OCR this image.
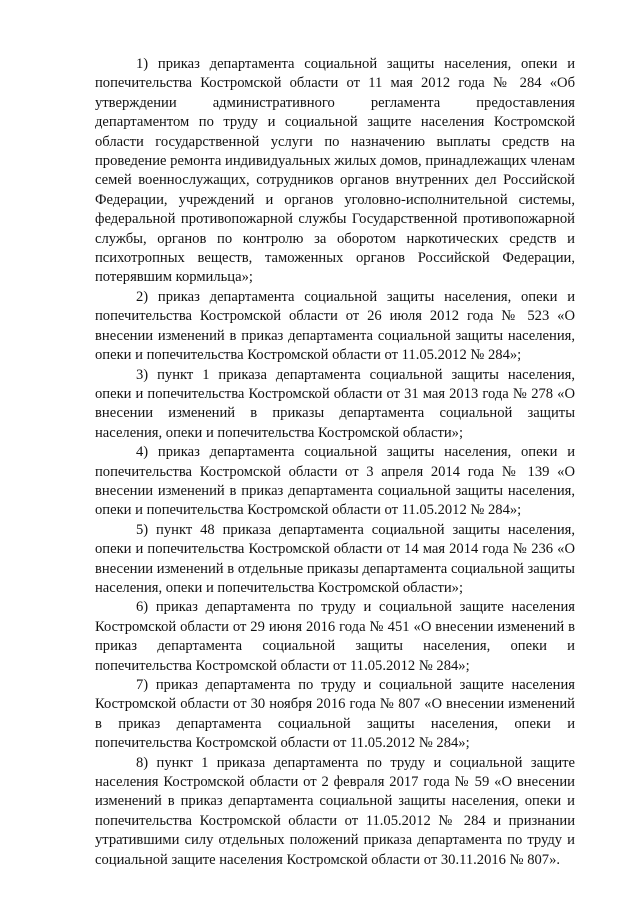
1) приказ департамента социальной защиты населения, опеки и попечительства Костромской области от 11 мая 2012 года № 284 «Об утверждении административного регламента предоставления департаментом по труду и социальной защите населения Костромской области государственной услуги по назначению выплаты средств на проведение ремонта индивидуальных жилых домов, принадлежащих членам семей военнослужащих, сотрудников органов внутренних дел Российской Федерации, учреждений и органов уголовно-исполнительной системы, федеральной противопожарной службы Государственной противопожарной службы, органов по контролю за оборотом наркотических средств и психотропных веществ, таможенных органов Российской Федерации, потерявшим кормильца»;

2) приказ департамента социальной защиты населения, опеки и попечительства Костромской области от 26 июля 2012 года № 523 «О внесении изменений в приказ департамента социальной защиты населения, опеки и попечительства Костромской области от 11.05.2012 № 284»;

3) пункт 1 приказа департамента социальной защиты населения, опеки и попечительства Костромской области от 31 мая 2013 года № 278 «О внесении изменений в приказы департамента социальной защиты населения, опеки и попечительства Костромской области»;

4) приказ департамента социальной защиты населения, опеки и попечительства Костромской области от 3 апреля 2014 года № 139 «О внесении изменений в приказ департамента социальной защиты населения, опеки и попечительства Костромской области от 11.05.2012 № 284»;

5) пункт 48 приказа департамента социальной защиты населения, опеки и попечительства Костромской области от 14 мая 2014 года № 236 «О внесении изменений в отдельные приказы департамента социальной защиты населения, опеки и попечительства Костромской области»;

6) приказ департамента по труду и социальной защите населения Костромской области от 29 июня 2016 года № 451 «О внесении изменений в приказ департамента социальной защиты населения, опеки и попечительства Костромской области от 11.05.2012 № 284»;

7) приказ департамента по труду и социальной защите населения Костромской области от 30 ноября 2016 года № 807 «О внесении изменений в приказ департамента социальной защиты населения, опеки и попечительства Костромской области от 11.05.2012 № 284»;

8) пункт 1 приказа департамента по труду и социальной защите населения Костромской области от 2 февраля 2017 года № 59 «О внесении изменений в приказ департамента социальной защиты населения, опеки и попечительства Костромской области от 11.05.2012 № 284 и признании утратившими силу отдельных положений приказа департамента по труду и социальной защите населения Костромской области от 30.11.2016 № 807».
